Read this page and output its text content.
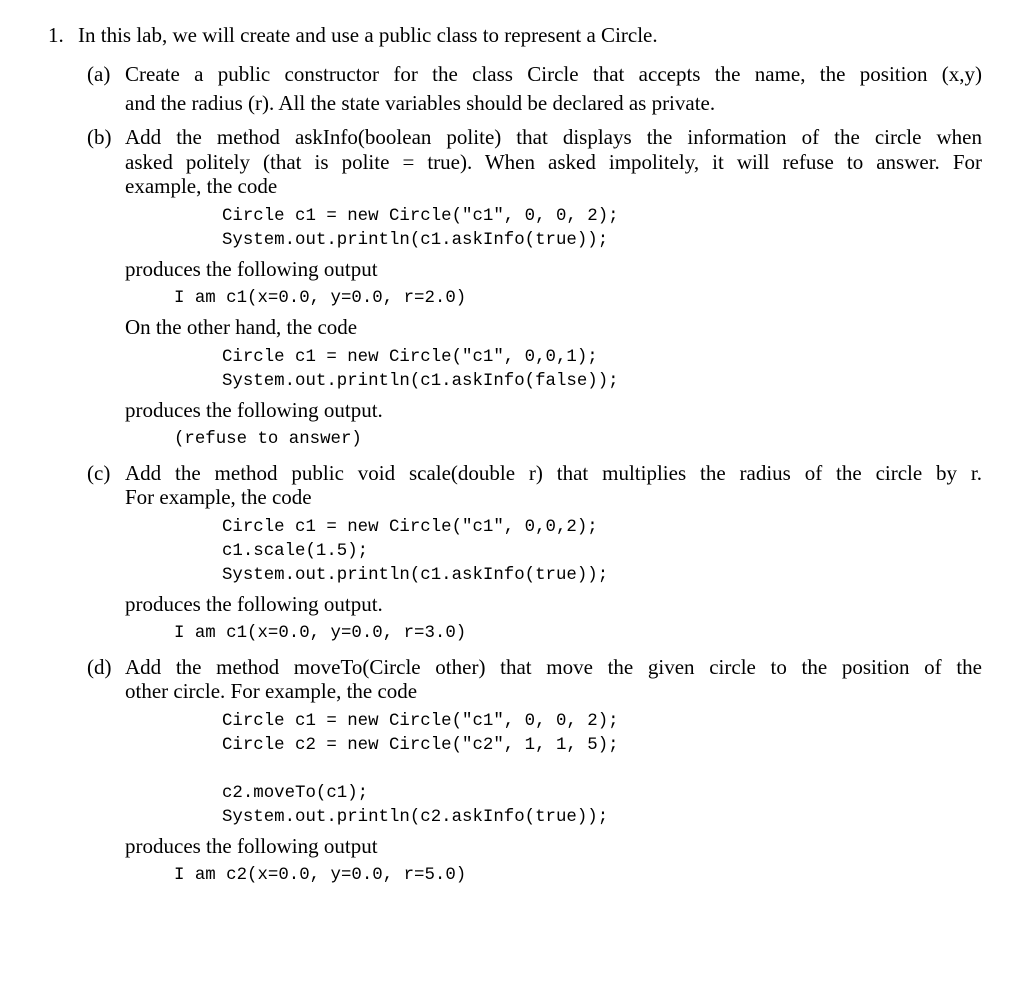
1. In this lab, we will create and use a public class to represent a Circle.
(a) Create a public constructor for the class Circle that accepts the name, the position (x,y)
and the radius (r). All the state variables should be declared as private.
(b) Add the method askInfo(boolean polite) that displays the information of the circle when
asked politely (that is polite = true). When asked impolitely, it will refuse to answer. For
example, the code
Circle c1 = new Circle("c1", 0, 0, 2);
System.out.println(c1.askInfo(true));
produces the following output
I am c1(x=0.0, y=0.0, r=2.0)
On the other hand, the code
Circle c1 = new Circle("c1", 0,0,1);
System.out.println(c1.askInfo(false));
produces the following output.
(refuse to answer)
(c) Add the method public void scale(double r) that multiplies the radius of the circle by r.
For example, the code
Circle c1 = new Circle("c1", 0,0,2);
c1.scale(1.5);
System.out.println(c1.askInfo(true));
produces the following output.
I am c1(x=0.0, y=0.0, r=3.0)
(d) Add the method moveTo(Circle other) that move the given circle to the position of the
other circle. For example, the code
Circle c1 = new Circle("c1", 0, 0, 2);
Circle c2 = new Circle("c2", 1, 1, 5);
c2.moveTo(c1);
System.out.println(c2.askInfo(true));
produces the following output
I am c2(x=0.0, y=0.0, r=5.0)
